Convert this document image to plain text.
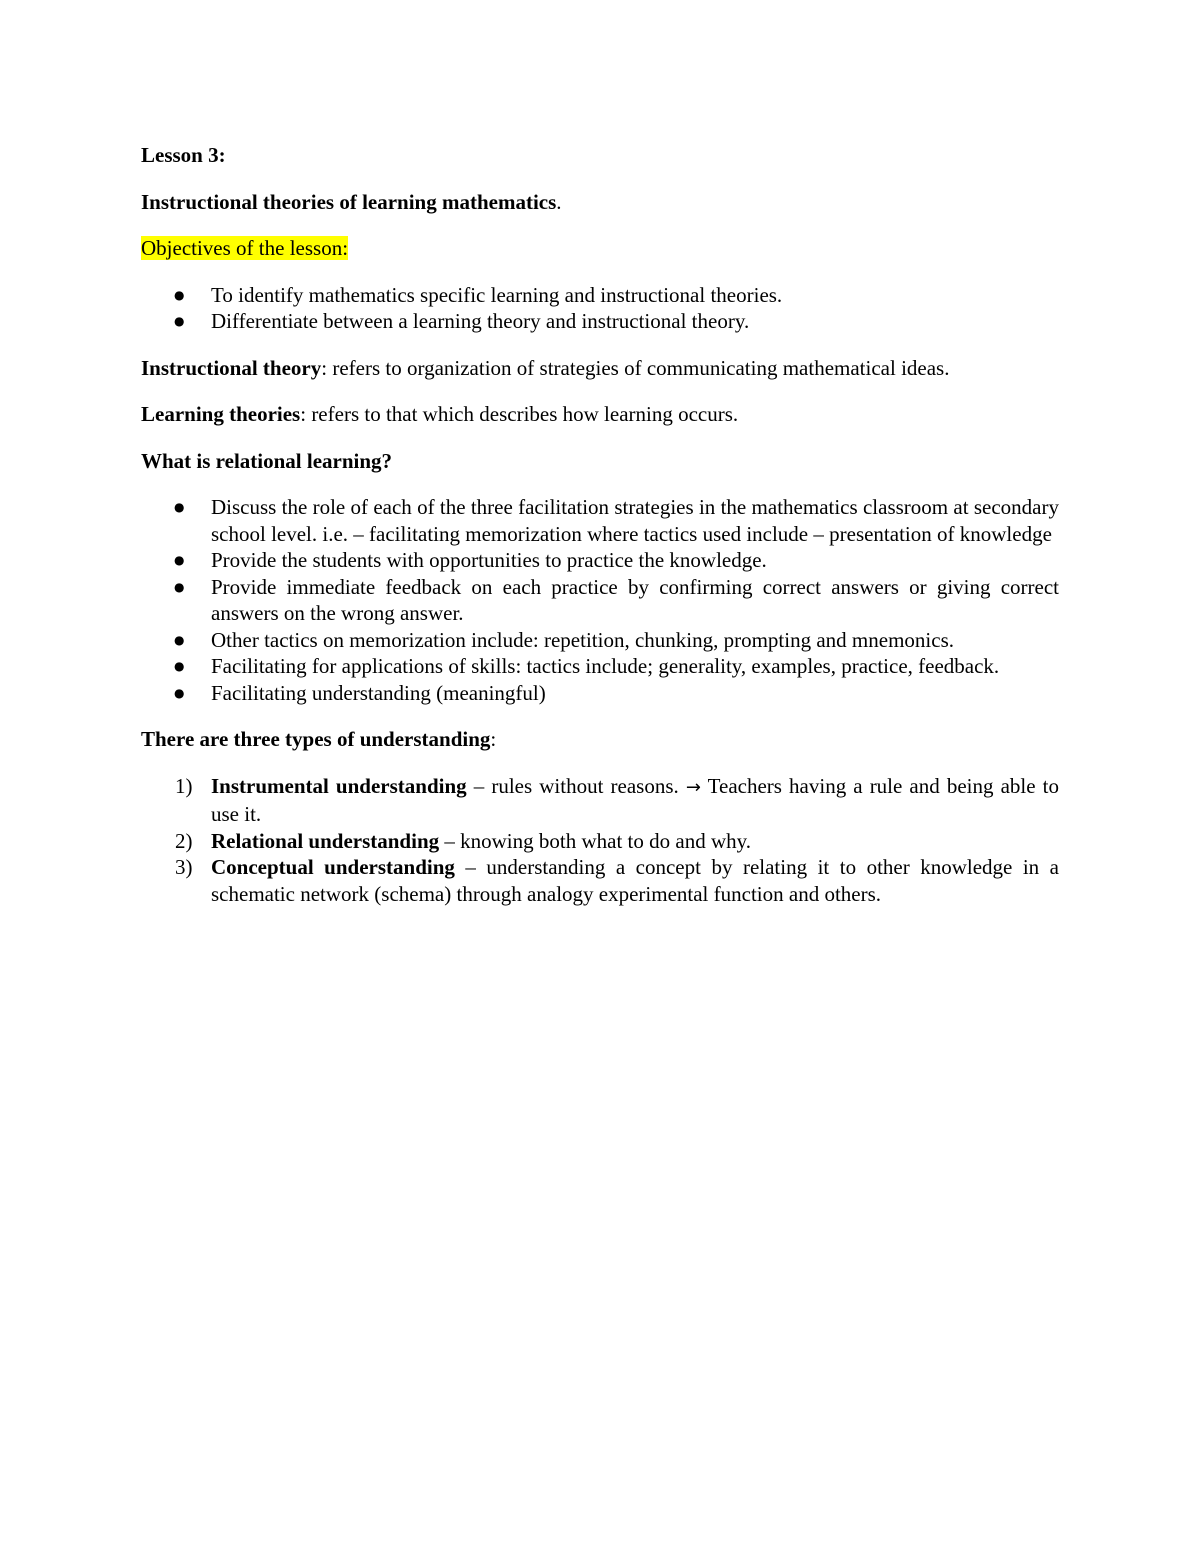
Lesson 3:

Instructional theories of learning mathematics.

Objectives of the lesson:

● To identify mathematics specific learning and instructional theories.
● Differentiate between a learning theory and instructional theory.

Instructional theory: refers to organization of strategies of communicating mathematical ideas.

Learning theories: refers to that which describes how learning occurs.

What is relational learning?

● Discuss the role of each of the three facilitation strategies in the mathematics classroom at secondary school level. i.e. – facilitating memorization where tactics used include – presentation of knowledge
● Provide the students with opportunities to practice the knowledge.
● Provide immediate feedback on each practice by confirming correct answers or giving correct answers on the wrong answer.
● Other tactics on memorization include: repetition, chunking, prompting and mnemonics.
● Facilitating for applications of skills: tactics include; generality, examples, practice, feedback.
● Facilitating understanding (meaningful)

There are three types of understanding:

1) Instrumental understanding – rules without reasons. → Teachers having a rule and being able to use it.
2) Relational understanding – knowing both what to do and why.
3) Conceptual understanding – understanding a concept by relating it to other knowledge in a schematic network (schema) through analogy experimental function and others.
